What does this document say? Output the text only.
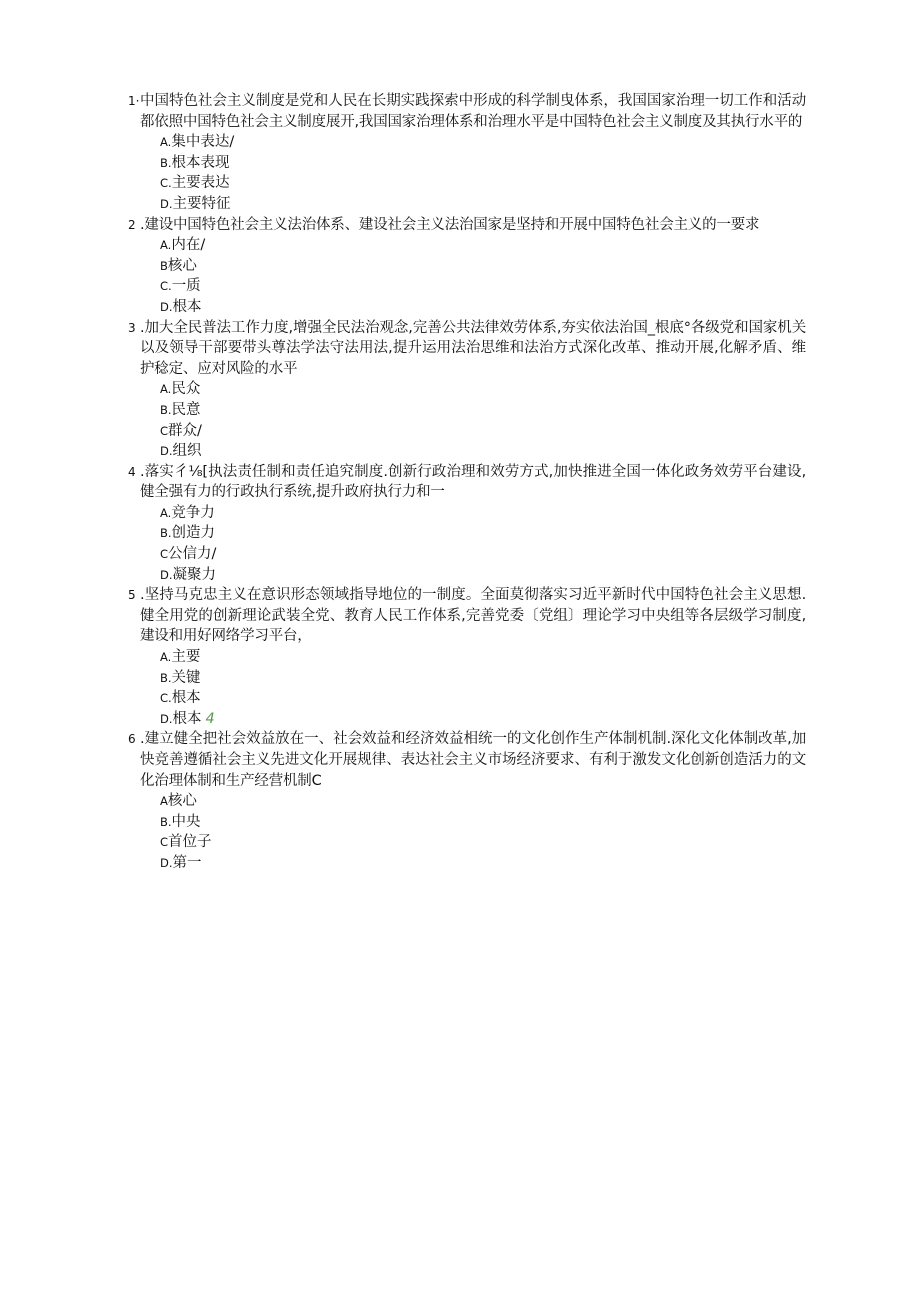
1· 中国特色社会主义制度是党和人民在长期实践探索中形成的科学制曳体系，我国国家治理一切工作和活动都依照中国特色社会主义制度展开,我国国家治理体系和治理水平是中国特色社会主义制度及其执行水平的
A.集中表达/
B.根本表现
C.主要表达
D.主要特征
2 .建设中国特色社会主义法治体系、建设社会主义法治国家是坚持和开展中国特色社会主义的一要求
A.内在/
B核心
C.一质
D.根本
3 .加大全民普法工作力度,增强全民法治观念,完善公共法律效劳体系,夯实依法治国_根底°各级党和国家机关以及领导干部要带头尊法学法守法用法,提升运用法治思维和法治方式深化改革、推动开展,化解矛盾、维护稔定、应对风险的水平
A.民众
B.民意
C群众/
D.组织
4 .落实彳⅛[执法责任制和责任追究制度.创新行政治理和效劳方式,加快推进全国一体化政务效劳平台建设,健全强有力的行政执行系统,提升政府执行力和一
A.竞争力
B.创造力
C公信力/
D.凝聚力
5 .坚持马克忠主义在意识形态领域指导地位的一制度。全面莫彻落实习近平新时代中国特色社会主义思想.健全用党的创新理论武装全党、教育人民工作体系,完善党委〔党组〕理论学习中央组等各层级学习制度,建设和用好网络学习平台，
A.主要
B.关键
C.根本
D.根本 4
6 .建立健全把社会效益放在一、社会效益和经济效益相统一的文化创作生产体制机制.深化文化体制改革,加快竞善遵循社会主义先进文化开展规律、表达社会主义市场经济要求、有利于激发文化创新创造活力的文化治理体制和生产经营机制C
A核心
B.中央
C首位子
D.第一
